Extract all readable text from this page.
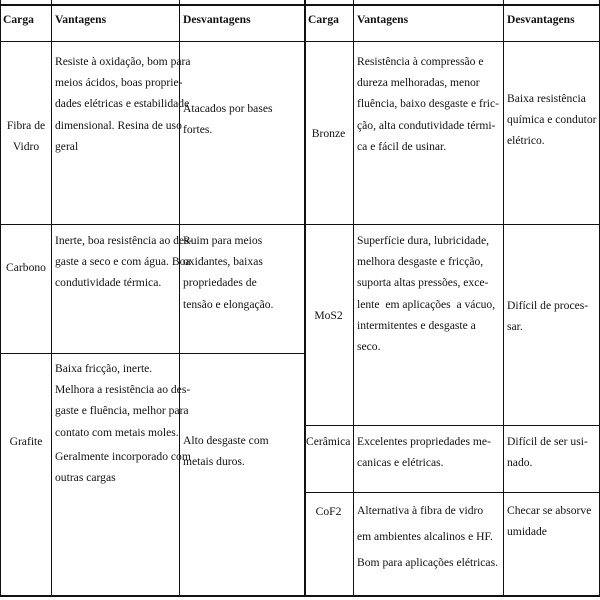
Carga Vantagens	Desvantagens
Fibra de
Vidro
Resiste à oxidação, bom para
meios ácidos, boas proprie-
dades elétricas e estabilidade
dimensional. Resina de uso
geral
Atacados por bases
fortes.
Carbono
Inerte, boa resistência ao des-
gaste a seco e com água. Boa
condutividade térmica.
Ruim para meios
oxidantes, baixas
propriedades de
tensão e elongação.
Grafite
Baixa fricção, inerte.
Melhora a resistência ao des-
gaste e fluência, melhor para
contato com metais moles.
Geralmente incorporado com
outras cargas
Alto desgaste com
metais duros.
Carga Vantagens	Desvantagens
Bronze
Resistência à compressão e
dureza melhoradas, menor
fluência, baixo desgaste e fric-
ção, alta condutividade térmi-
ca e fácil de usinar.
Baixa resistência
química e condutor
elétrico.
MoS2
Superfície dura, lubricidade,
melhora desgaste e fricção,
suporta altas pressões, exce-
lente  em aplicações  a vácuo,
intermitentes e desgaste a
seco.
Difícil de proces-
sar.
Cerâmica Excelentes propriedades me-
canicas e elétricas.
Difícil de ser usi-
nado.
CoF2 Alternativa à fibra de vidro
em ambientes alcalinos e HF.
Bom para aplicações elétricas.
Checar se absorve
umidade
